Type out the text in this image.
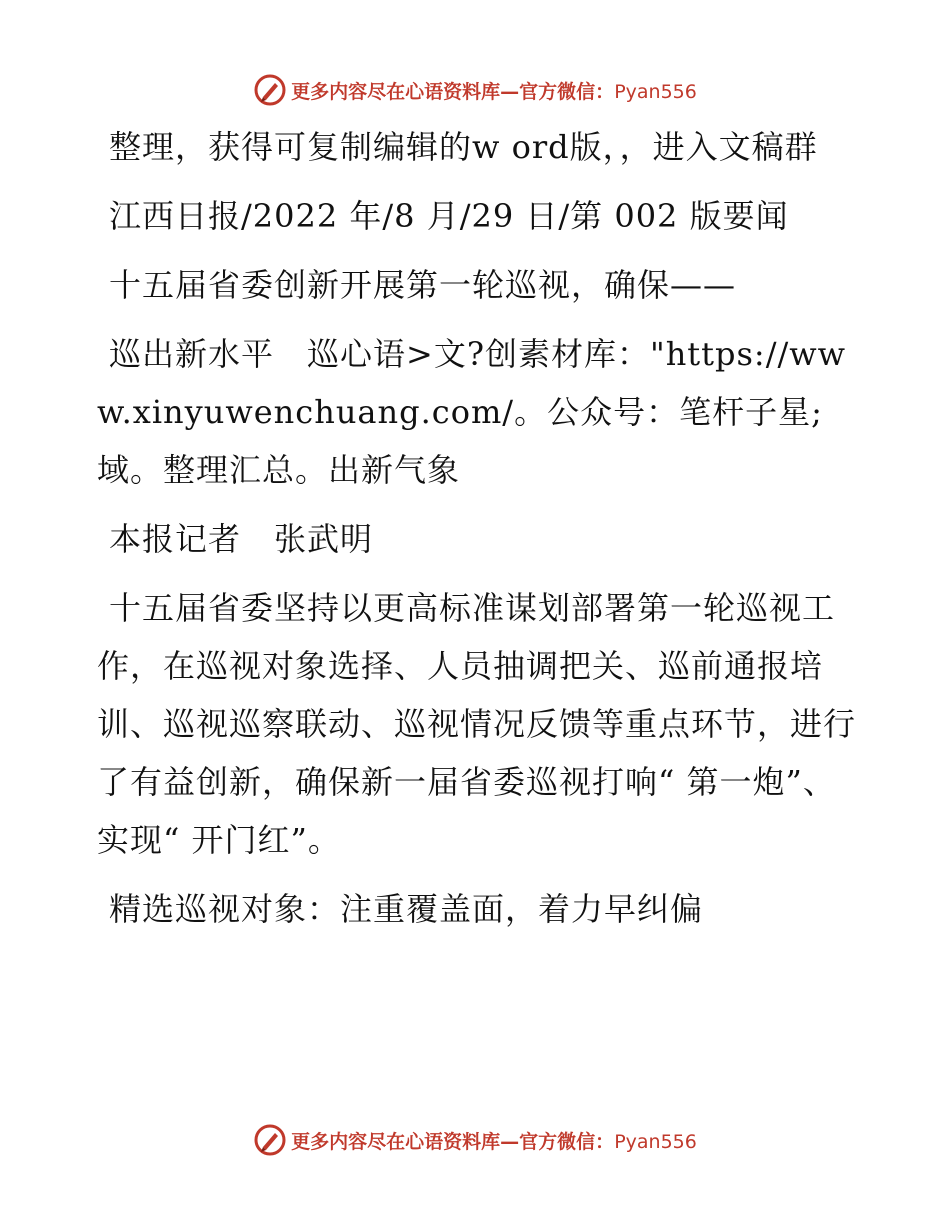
更多内容尽在心语资料库—官方微信：Pyan556

整理，获得可复制编辑的w ord版，，进入文稿群

江西日报/2022 年/8 月/29 日/第 002 版要闻

十五届省委创新开展第一轮巡视，确保——

巡出新水平　巡心语>文?创素材库："https://www.xinyuwenchuang.com/。公众号：笔杆子星;域。整理汇总。出新气象

本报记者　张武明

十五届省委坚持以更高标准谋划部署第一轮巡视工作，在巡视对象选择、人员抽调把关、巡前通报培训、巡视巡察联动、巡视情况反馈等重点环节，进行了有益创新，确保新一届省委巡视打响“ 第一炮”、实现“ 开门红”。

精选巡视对象：注重覆盖面，着力早纠偏

更多内容尽在心语资料库—官方微信：Pyan556
